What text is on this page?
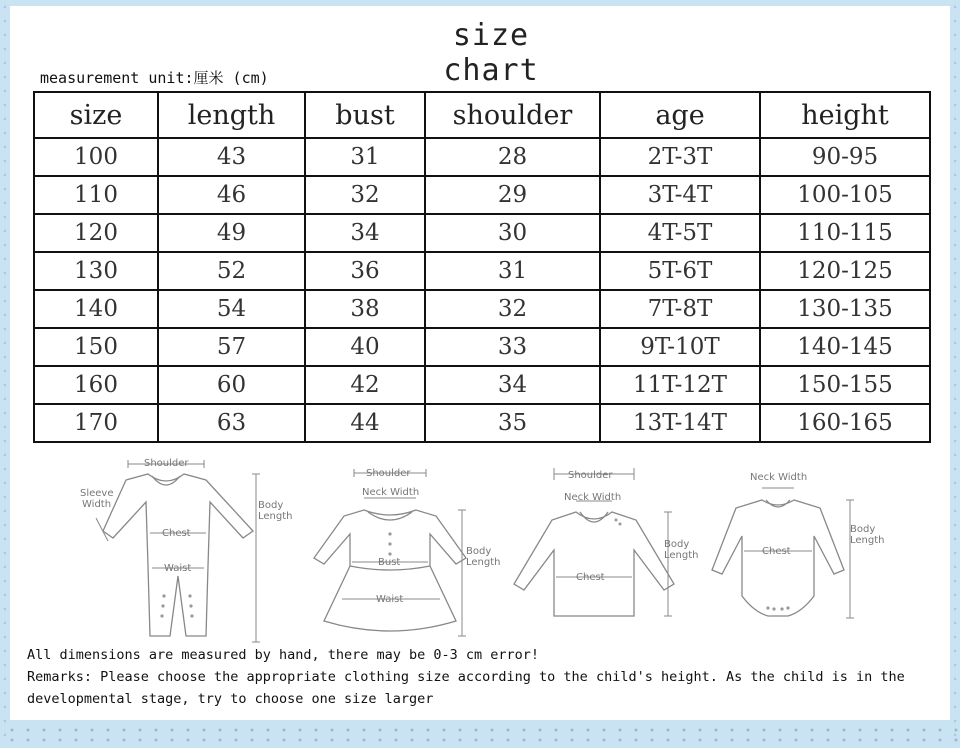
size chart
measurement unit:厘米 (cm)
size	length	bust	shoulder	age	height
100	43	31	28	2T-3T	90-95
110	46	32	29	3T-4T	100-105
120	49	34	30	4T-5T	110-115
130	52	36	31	5T-6T	120-125
140	54	38	32	7T-8T	130-135
150	57	40	33	9T-10T	140-145
160	60	42	34	11T-12T	150-155
170	63	44	35	13T-14T	160-165
Shoulder
Sleeve
Width	Body
Length
Chest
Waist
Shoulder
Neck Width
Body
Length
Bust
Waist
Shoulder
Neck Width
Body
Length
Chest
Neck Width
Body
Length
Chest
All dimensions are measured by hand, there may be 0-3 cm error!
Remarks: Please choose the appropriate clothing size according to the child's height. As the child is in the developmental stage, try to choose one size larger
